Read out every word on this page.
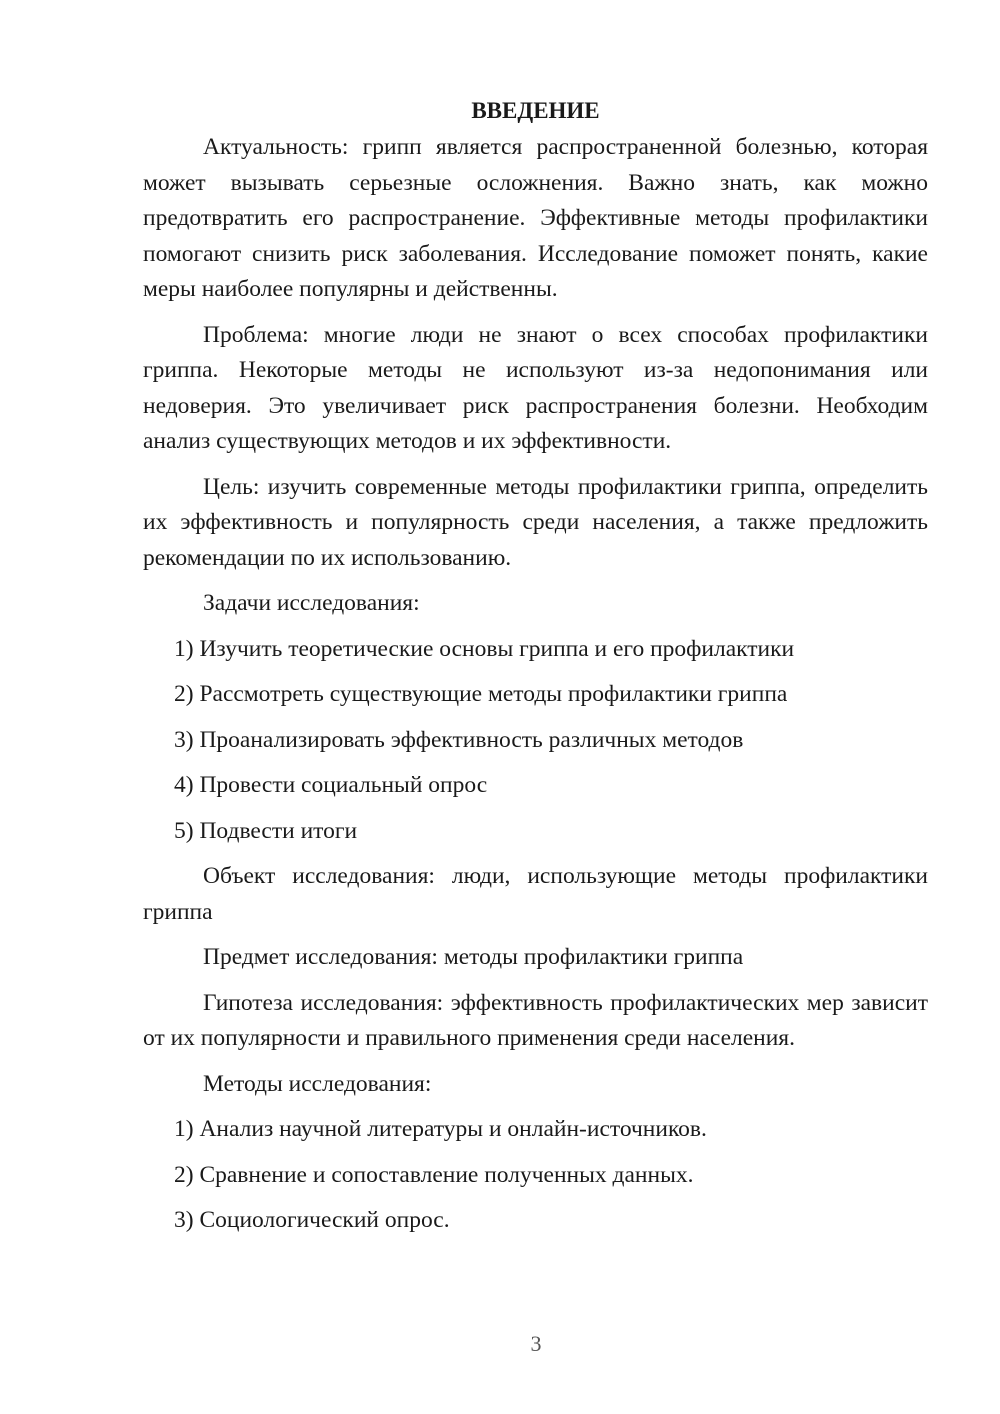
ВВЕДЕНИЕ

Актуальность: грипп является распространенной болезнью, которая может вызывать серьезные осложнения. Важно знать, как можно предотвратить его распространение. Эффективные методы профилактики помогают снизить риск заболевания. Исследование поможет понять, какие меры наиболее популярны и действенны.

Проблема: многие люди не знают о всех способах профилактики гриппа. Некоторые методы не используют из-за недопонимания или недоверия. Это увеличивает риск распространения болезни. Необходим анализ существующих методов и их эффективности.

Цель: изучить современные методы профилактики гриппа, определить их эффективность и популярность среди населения, а также предложить рекомендации по их использованию.

Задачи исследования:
1) Изучить теоретические основы гриппа и его профилактики
2) Рассмотреть существующие методы профилактики гриппа
3) Проанализировать эффективность различных методов
4) Провести социальный опрос
5) Подвести итоги

Объект исследования: люди, использующие методы профилактики гриппа

Предмет исследования: методы профилактики гриппа

Гипотеза исследования: эффективность профилактических мер зависит от их популярности и правильного применения среди населения.

Методы исследования:
1) Анализ научной литературы и онлайн-источников.
2) Сравнение и сопоставление полученных данных.
3) Социологический опрос.
3
